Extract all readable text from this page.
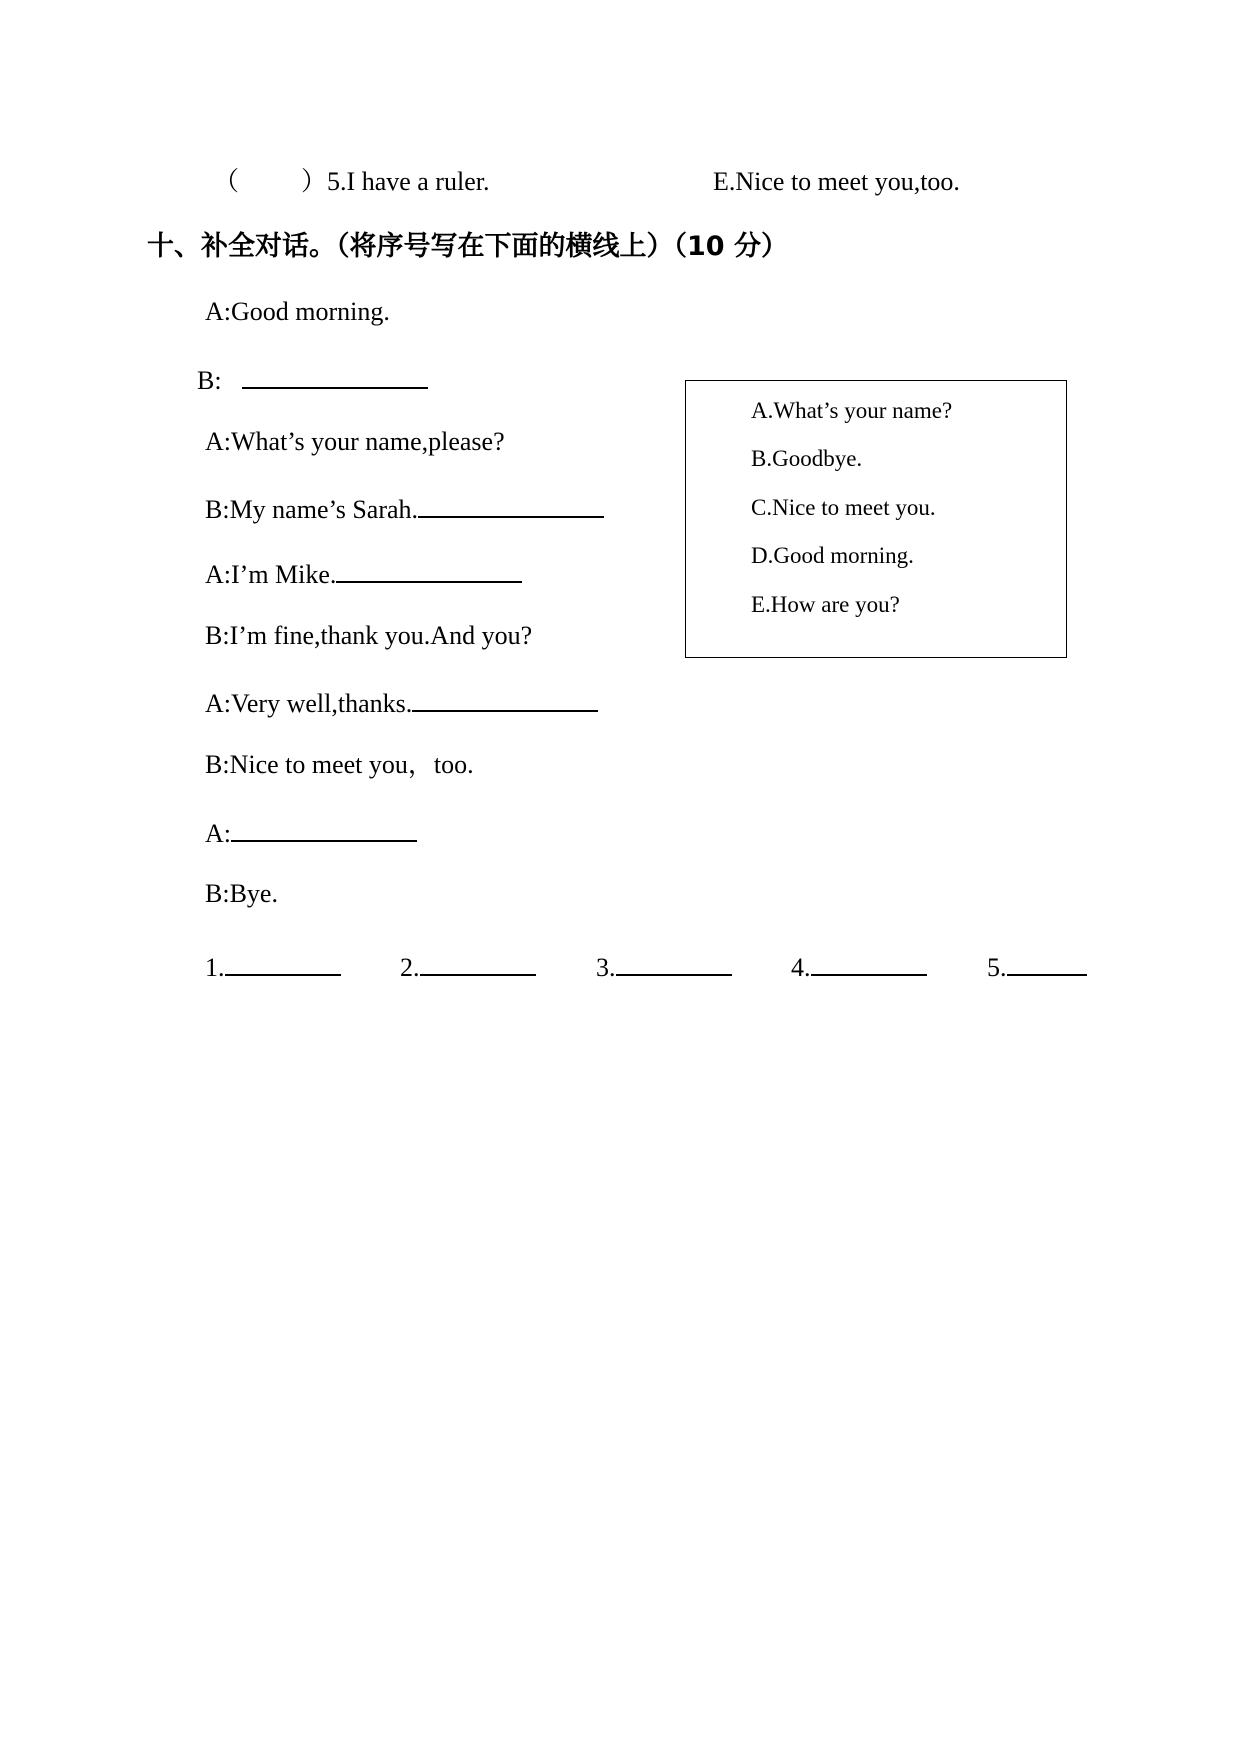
（ ）5.I have a ruler.	E.Nice to meet you,too.
十、补全对话。（将序号写在下面的横线上）（10 分）
A:Good morning.
B:
A:What’s your name,please?
B:My name’s Sarah.
A:I’m Mike.
B:I’m fine,thank you.And you?
A:Very well,thanks.
B:Nice to meet you，too.
A:
B:Bye.
A.What’s your name?
B.Goodbye.
C.Nice to meet you.
D.Good morning.
E.How are you?
1.	2.	3.	4.	5.
